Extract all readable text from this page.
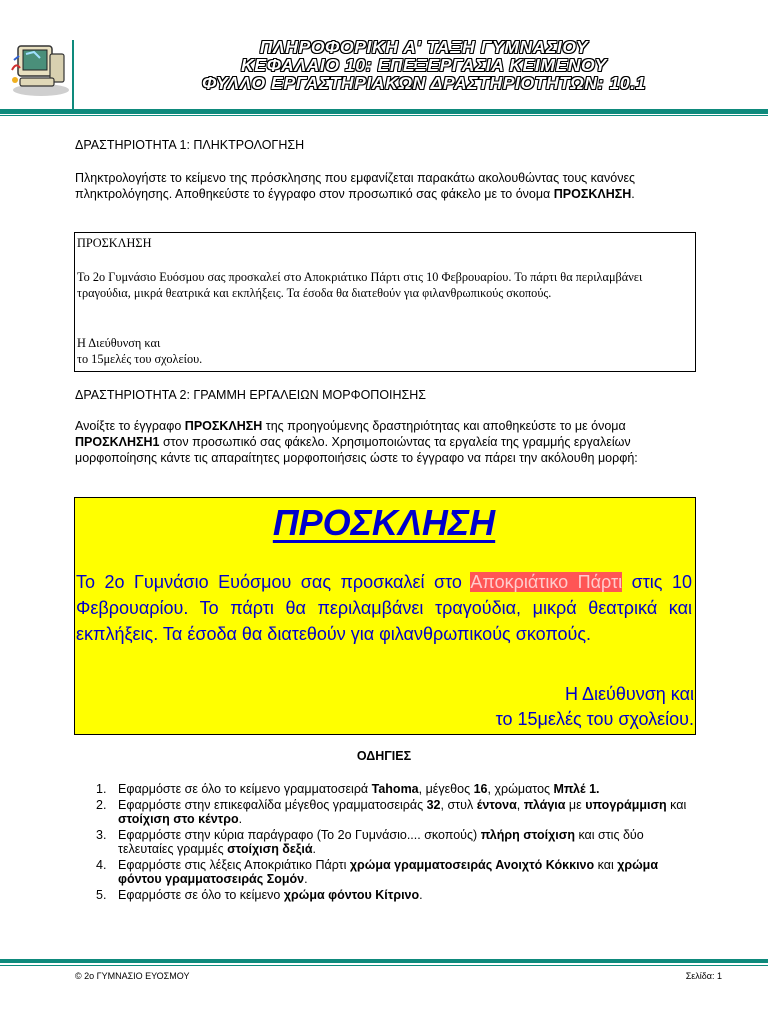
ΠΛΗΡΟΦΟΡΙΚΗ Α' ΤΑΞΗ ΓΥΜΝΑΣΙΟΥ
ΚΕΦΑΛΑΙΟ 10: ΕΠΕΞΕΡΓΑΣΙΑ ΚΕΙΜΕΝΟΥ
ΦΥΛΛΟ ΕΡΓΑΣΤΗΡΙΑΚΩΝ ΔΡΑΣΤΗΡΙΟΤΗΤΩΝ: 10.1
ΔΡΑΣΤΗΡΙΟΤΗΤΑ 1: ΠΛΗΚΤΡΟΛΟΓΗΣΗ
Πληκτρολογήστε το κείμενο της πρόσκλησης που εμφανίζεται παρακάτω ακολουθώντας τους κανόνες πληκτρολόγησης. Αποθηκεύστε το έγγραφο στον προσωπικό σας φάκελο με το όνομα ΠΡΟΣΚΛΗΣΗ.
ΠΡΟΣΚΛΗΣΗ
Το 2ο Γυμνάσιο Ευόσμου σας προσκαλεί στο Αποκριάτικο Πάρτι στις 10 Φεβρουαρίου. Το πάρτι θα περιλαμβάνει τραγούδια, μικρά θεατρικά και εκπλήξεις. Τα έσοδα θα διατεθούν για φιλανθρωπικούς σκοπούς.
Η Διεύθυνση και
το 15μελές του σχολείου.
ΔΡΑΣΤΗΡΙΟΤΗΤΑ 2: ΓΡΑΜΜΗ ΕΡΓΑΛΕΙΩΝ ΜΟΡΦΟΠΟΙΗΣΗΣ
Ανοίξτε το έγγραφο ΠΡΟΣΚΛΗΣΗ της προηγούμενης δραστηριότητας και αποθηκεύστε το με όνομα ΠΡΟΣΚΛΗΣΗ1 στον προσωπικό σας φάκελο. Χρησιμοποιώντας τα εργαλεία της γραμμής εργαλείων μορφοποίησης κάντε τις απαραίτητες μορφοποιήσεις ώστε το έγγραφο να πάρει την ακόλουθη μορφή:
ΠΡΟΣΚΛΗΣΗ
Το 2ο Γυμνάσιο Ευόσμου σας προσκαλεί στο Αποκριάτικο Πάρτι στις 10 Φεβρουαρίου. Το πάρτι θα περιλαμβάνει τραγούδια, μικρά θεατρικά και εκπλήξεις. Τα έσοδα θα διατεθούν για φιλανθρωπικούς σκοπούς.
Η Διεύθυνση και
το 15μελές του σχολείου.
ΟΔΗΓΙΕΣ
1. Εφαρμόστε σε όλο το κείμενο γραμματοσειρά Tahoma, μέγεθος 16, χρώματος Μπλέ 1.
2. Εφαρμόστε στην επικεφαλίδα μέγεθος γραμματοσειράς 32, στυλ έντονα, πλάγια με υπογράμμιση και στοίχιση στο κέντρο.
3. Εφαρμόστε στην κύρια παράγραφο (Το 2ο Γυμνάσιο.... σκοπούς) πλήρη στοίχιση και στις δύο τελευταίες γραμμές στοίχιση δεξιά.
4. Εφαρμόστε στις λέξεις Αποκριάτικο Πάρτι χρώμα γραμματοσειράς Ανοιχτό Κόκκινο και χρώμα φόντου γραμματοσειράς Σομόν.
5. Εφαρμόστε σε όλο το κείμενο χρώμα φόντου Κίτρινο.
© 2ο ΓΥΜΝΑΣΙΟ ΕΥΟΣΜΟΥ	Σελίδα: 1
